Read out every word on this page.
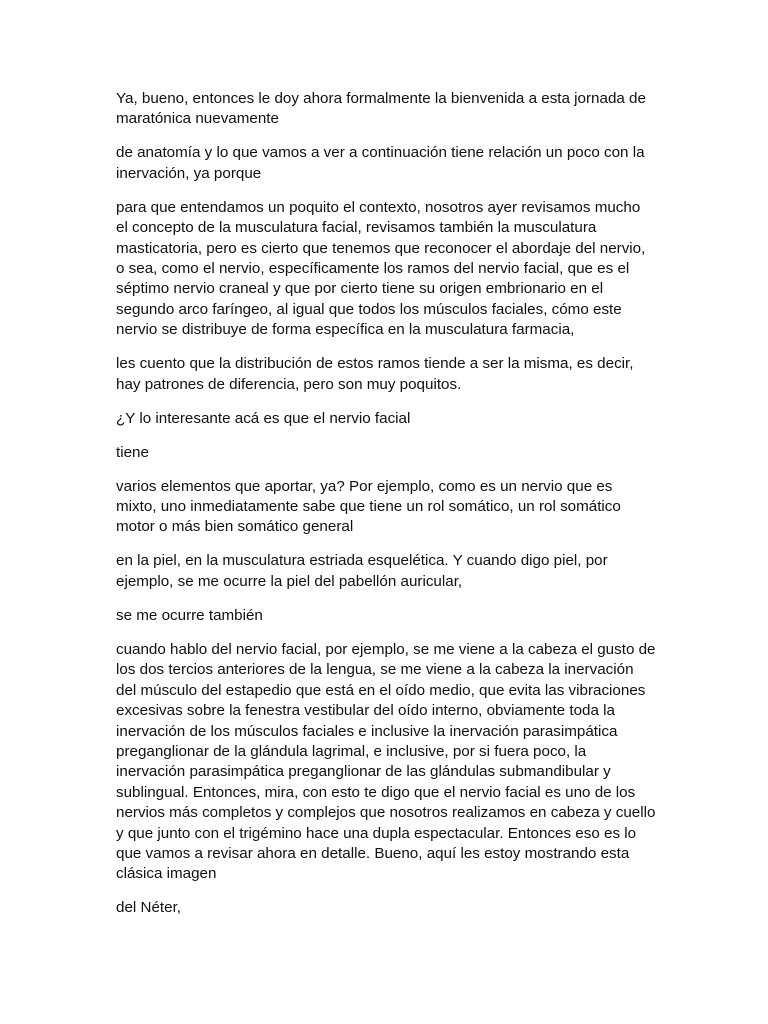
Ya, bueno, entonces le doy ahora formalmente la bienvenida a esta jornada de maratónica nuevamente

de anatomía y lo que vamos a ver a continuación tiene relación un poco con la inervación, ya porque

para que entendamos un poquito el contexto, nosotros ayer revisamos mucho el concepto de la musculatura facial, revisamos también la musculatura masticatoria, pero es cierto que tenemos que reconocer el abordaje del nervio, o sea, como el nervio, específicamente los ramos del nervio facial, que es el séptimo nervio craneal y que por cierto tiene su origen embrionario en el segundo arco faríngeo, al igual que todos los músculos faciales, cómo este nervio se distribuye de forma específica en la musculatura farmacia,

les cuento que la distribución de estos ramos tiende a ser la misma, es decir, hay patrones de diferencia, pero son muy poquitos.

¿Y lo interesante acá es que el nervio facial

tiene

varios elementos que aportar, ya? Por ejemplo, como es un nervio que es mixto, uno inmediatamente sabe que tiene un rol somático, un rol somático motor o más bien somático general

en la piel, en la musculatura estriada esquelética. Y cuando digo piel, por ejemplo, se me ocurre la piel del pabellón auricular,

se me ocurre también

cuando hablo del nervio facial, por ejemplo, se me viene a la cabeza el gusto de los dos tercios anteriores de la lengua, se me viene a la cabeza la inervación del músculo del estapedio que está en el oído medio, que evita las vibraciones excesivas sobre la fenestra vestibular del oído interno, obviamente toda la inervación de los músculos faciales e inclusive la inervación parasimpática preganglionar de la glándula lagrimal, e inclusive, por si fuera poco, la inervación parasimpática preganglionar de las glándulas submandibular y sublingual. Entonces, mira, con esto te digo que el nervio facial es uno de los nervios más completos y complejos que nosotros realizamos en cabeza y cuello y que junto con el trigémino hace una dupla espectacular. Entonces eso es lo que vamos a revisar ahora en detalle. Bueno, aquí les estoy mostrando esta clásica imagen

del Néter,
